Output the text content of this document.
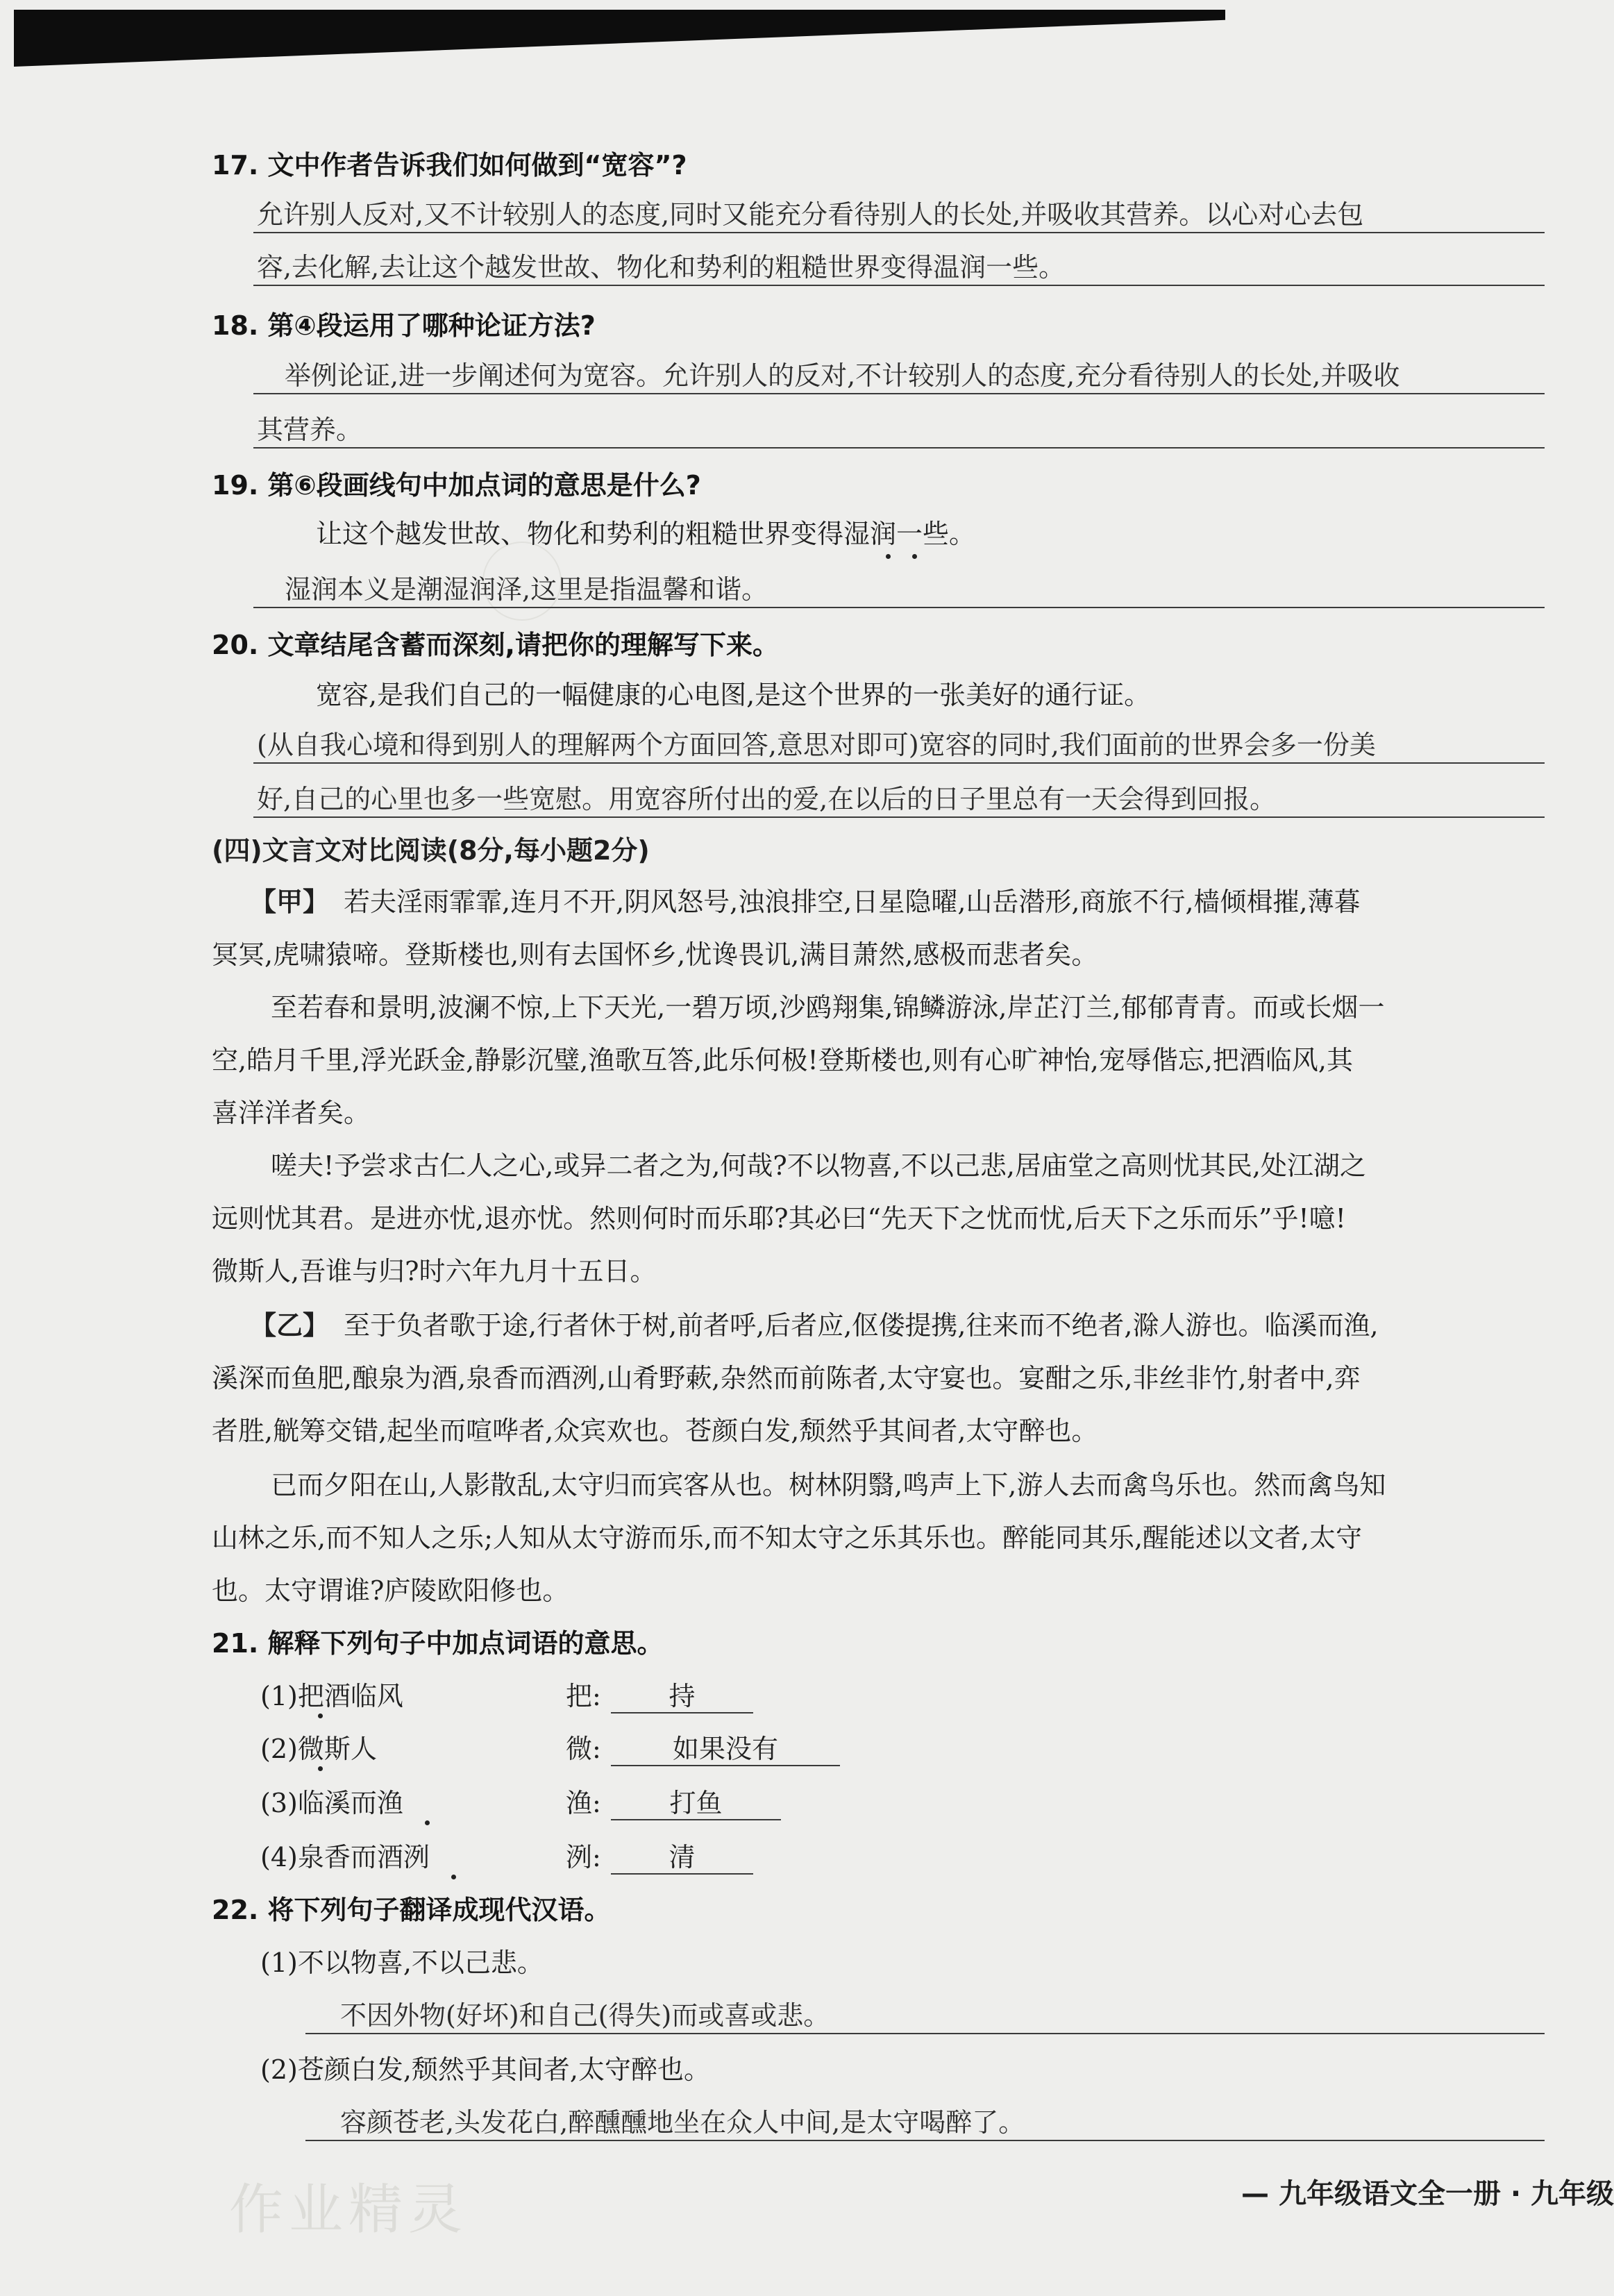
17. 文中作者告诉我们如何做到“宽容”?
允许别人反对,又不计较别人的态度,同时又能充分看待别人的长处,并吸收其营养。以心对心去包
容,去化解,去让这个越发世故、物化和势利的粗糙世界变得温润一些。
18. 第④段运用了哪种论证方法?
举例论证,进一步阐述何为宽容。允许别人的反对,不计较别人的态度,充分看待别人的长处,并吸收
其营养。
19. 第⑥段画线句中加点词的意思是什么?
让这个越发世故、物化和势利的粗糙世界变得湿润一些。
湿润本义是潮湿润泽,这里是指温馨和谐。
20. 文章结尾含蓄而深刻,请把你的理解写下来。
宽容,是我们自己的一幅健康的心电图,是这个世界的一张美好的通行证。
(从自我心境和得到别人的理解两个方面回答,意思对即可)宽容的同时,我们面前的世界会多一份美
好,自己的心里也多一些宽慰。用宽容所付出的爱,在以后的日子里总有一天会得到回报。
(四)文言文对比阅读(8分,每小题2分)
【甲】 若夫淫雨霏霏,连月不开,阴风怒号,浊浪排空,日星隐曜,山岳潜形,商旅不行,樯倾楫摧,薄暮
冥冥,虎啸猿啼。登斯楼也,则有去国怀乡,忧谗畏讥,满目萧然,感极而悲者矣。
至若春和景明,波澜不惊,上下天光,一碧万顷,沙鸥翔集,锦鳞游泳,岸芷汀兰,郁郁青青。而或长烟一
空,皓月千里,浮光跃金,静影沉璧,渔歌互答,此乐何极!登斯楼也,则有心旷神怡,宠辱偕忘,把酒临风,其
喜洋洋者矣。
嗟夫!予尝求古仁人之心,或异二者之为,何哉?不以物喜,不以己悲,居庙堂之高则忧其民,处江湖之
远则忧其君。是进亦忧,退亦忧。然则何时而乐耶?其必曰“先天下之忧而忧,后天下之乐而乐”乎!噫!
微斯人,吾谁与归?时六年九月十五日。
【乙】 至于负者歌于途,行者休于树,前者呼,后者应,伛偻提携,往来而不绝者,滁人游也。临溪而渔,
溪深而鱼肥,酿泉为酒,泉香而酒洌,山肴野蔌,杂然而前陈者,太守宴也。宴酣之乐,非丝非竹,射者中,弈
者胜,觥筹交错,起坐而喧哗者,众宾欢也。苍颜白发,颓然乎其间者,太守醉也。
已而夕阳在山,人影散乱,太守归而宾客从也。树林阴翳,鸣声上下,游人去而禽鸟乐也。然而禽鸟知
山林之乐,而不知人之乐;人知从太守游而乐,而不知太守之乐其乐也。醉能同其乐,醒能述以文者,太守
也。太守谓谁?庐陵欧阳修也。
21. 解释下列句子中加点词语的意思。
(1)把酒临风	把:	持
(2)微斯人	微:	如果没有
(3)临溪而渔	渔:	打鱼
(4)泉香而酒洌	洌:	清
22. 将下列句子翻译成现代汉语。
(1)不以物喜,不以己悲。
不因外物(好坏)和自己(得失)而或喜或悲。
(2)苍颜白发,颓然乎其间者,太守醉也。
容颜苍老,头发花白,醉醺醺地坐在众人中间,是太守喝醉了。
作业精灵	— 九年级语文全一册 · 九年级
